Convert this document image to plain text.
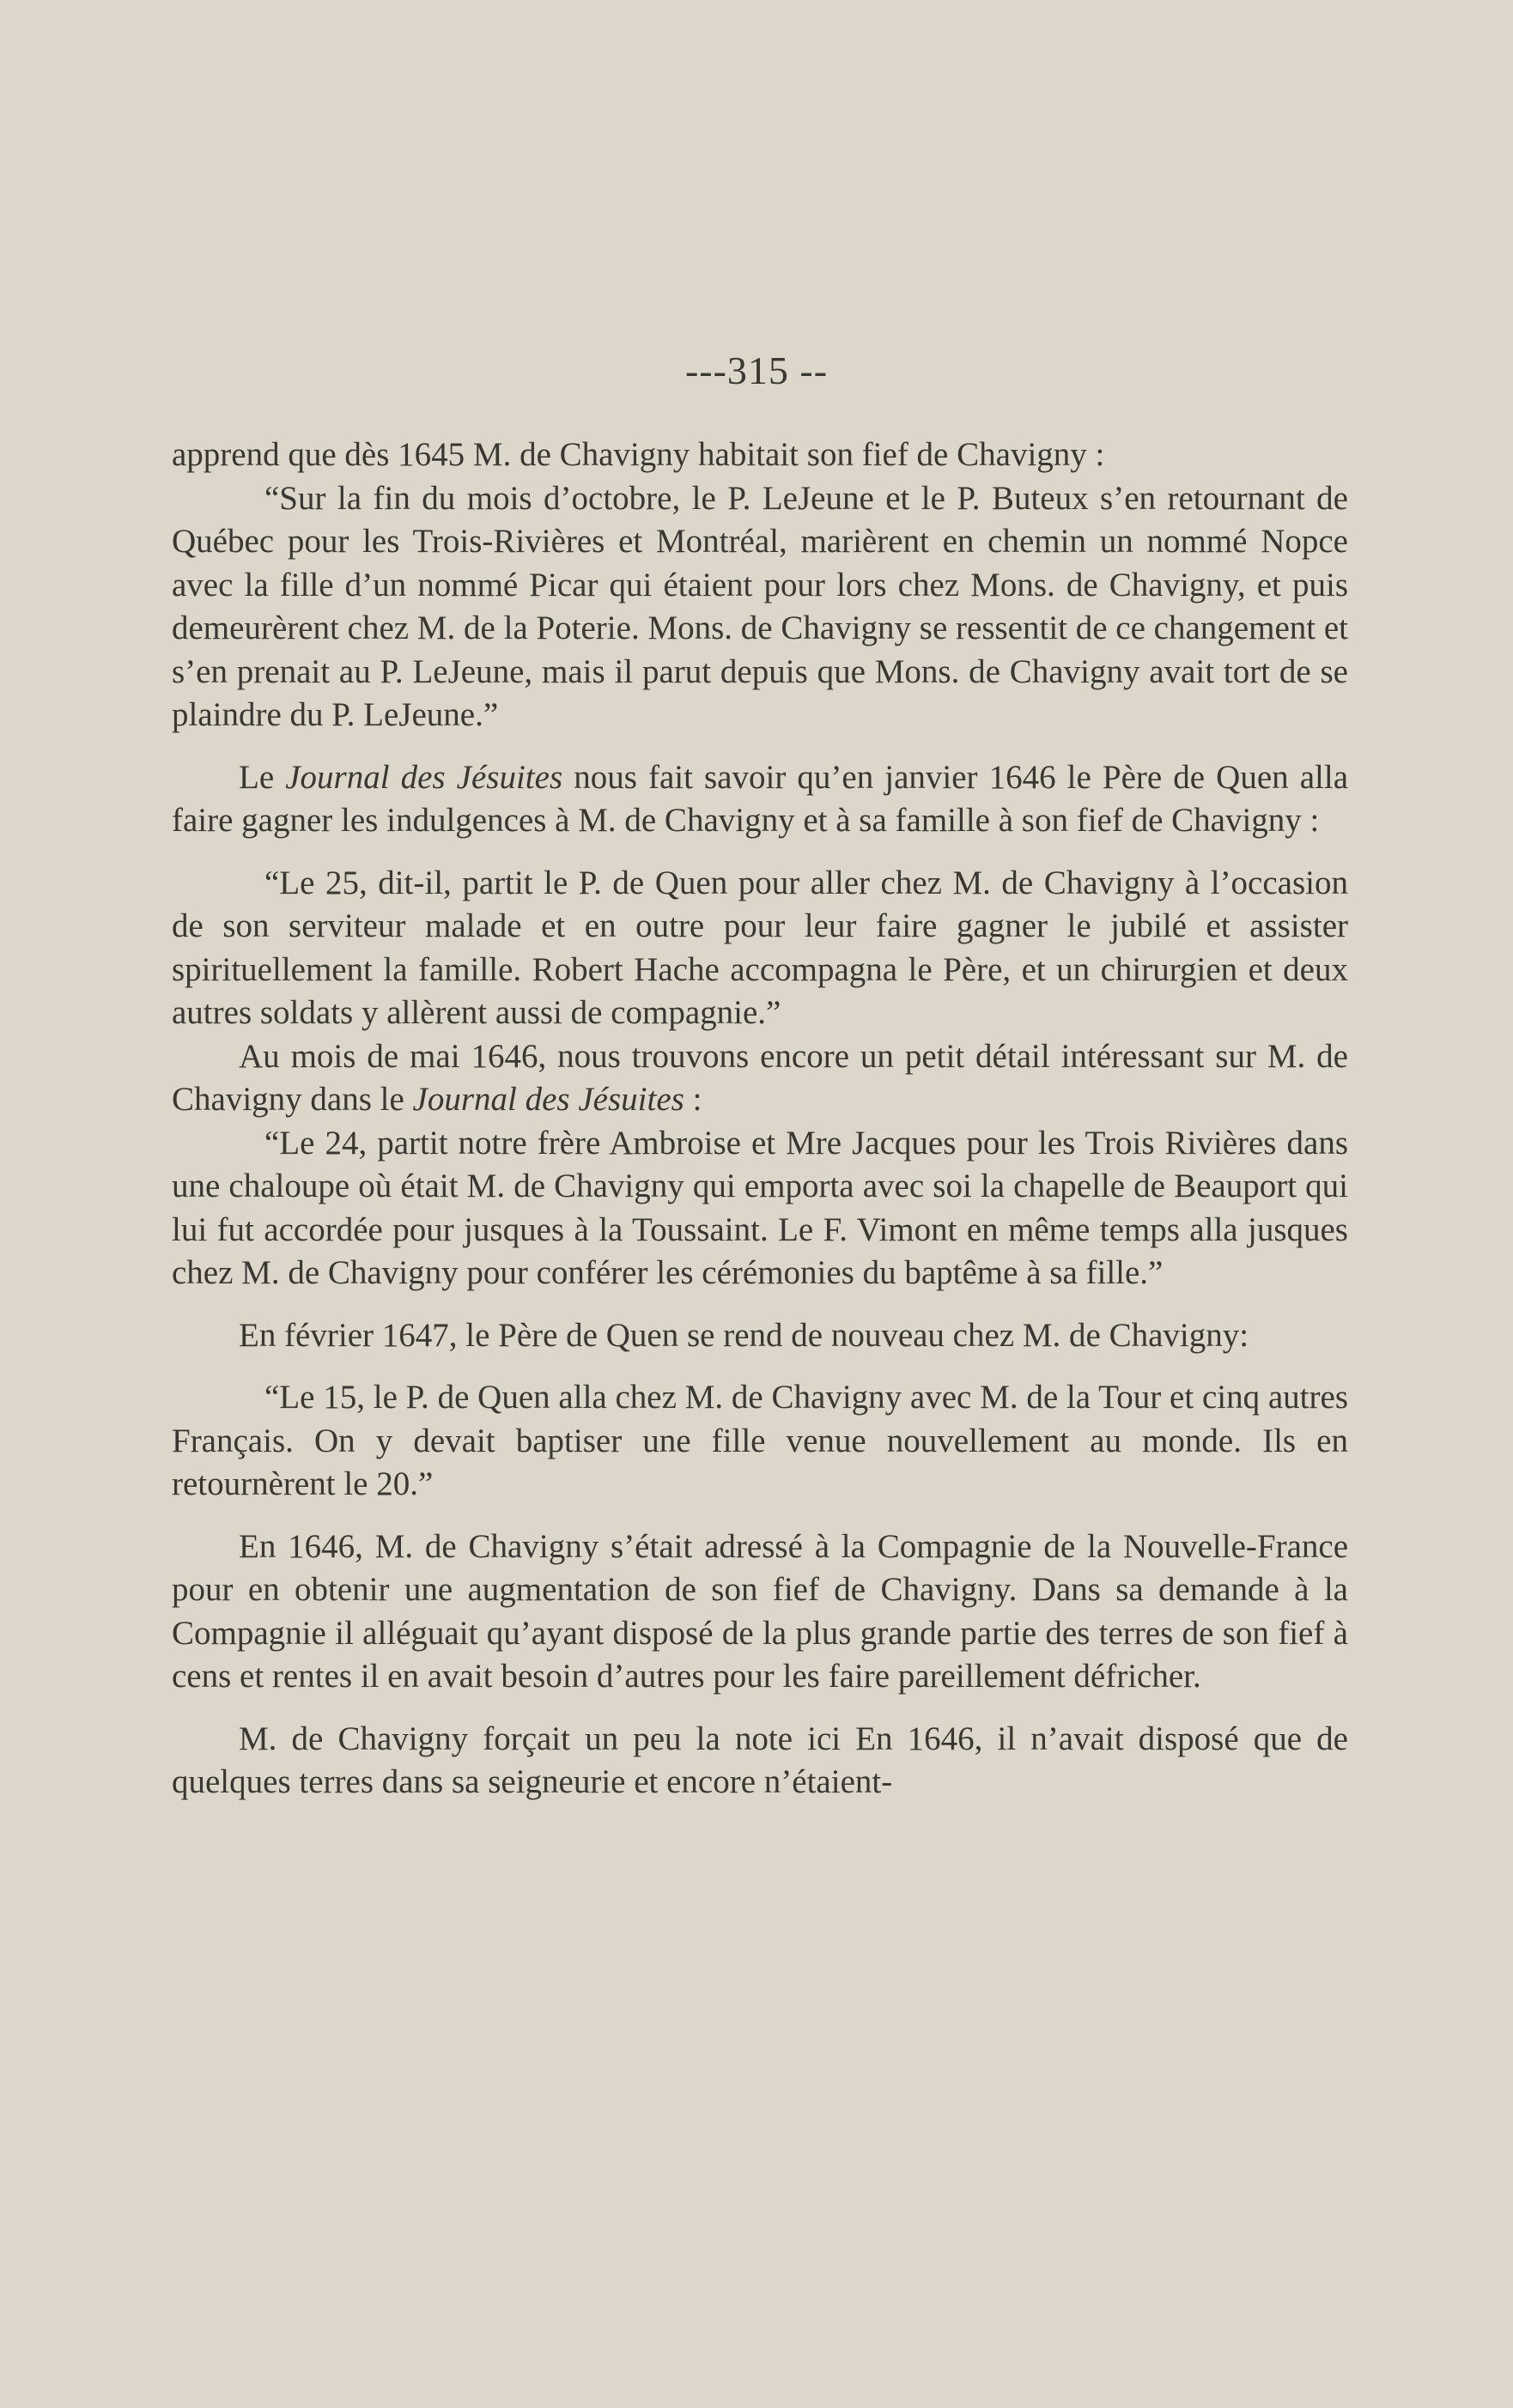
---315 --

apprend que dès 1645 M. de Chavigny habitait son fief de Chavigny :

“Sur la fin du mois d’octobre, le P. LeJeune et le P. Buteux s’en retournant de Québec pour les Trois-Rivières et Montréal, marièrent en chemin un nommé Nopce avec la fille d’un nommé Picar qui étaient pour lors chez Mons. de Chavigny, et puis demeurèrent chez M. de la Poterie. Mons. de Chavigny se ressentit de ce changement et s’en prenait au P. LeJeune, mais il parut depuis que Mons. de Chavigny avait tort de se plaindre du P. LeJeune.”

Le Journal des Jésuites nous fait savoir qu’en janvier 1646 le Père de Quen alla faire gagner les indulgences à M. de Chavigny et à sa famille à son fief de Chavigny :

“Le 25, dit-il, partit le P. de Quen pour aller chez M. de Chavigny à l’occasion de son serviteur malade et en outre pour leur faire gagner le jubilé et assister spirituellement la famille. Robert Hache accompagna le Père, et un chirurgien et deux autres soldats y allèrent aussi de compagnie.”

Au mois de mai 1646, nous trouvons encore un petit détail intéressant sur M. de Chavigny dans le Journal des Jésuites :

“Le 24, partit notre frère Ambroise et Mre Jacques pour les Trois Rivières dans une chaloupe où était M. de Chavigny qui emporta avec soi la chapelle de Beauport qui lui fut accordée pour jusques à la Toussaint. Le F. Vimont en même temps alla jusques chez M. de Chavigny pour conférer les cérémonies du baptême à sa fille.”

En février 1647, le Père de Quen se rend de nouveau chez M. de Chavigny:

“Le 15, le P. de Quen alla chez M. de Chavigny avec M. de la Tour et cinq autres Français. On y devait baptiser une fille venue nouvellement au monde. Ils en retournèrent le 20.”

En 1646, M. de Chavigny s’était adressé à la Compagnie de la Nouvelle-France pour en obtenir une augmentation de son fief de Chavigny. Dans sa demande à la Compagnie il alléguait qu’ayant disposé de la plus grande partie des terres de son fief à cens et rentes il en avait besoin d’autres pour les faire pareillement défricher.

M. de Chavigny forçait un peu la note ici En 1646, il n’avait disposé que de quelques terres dans sa seigneurie et encore n’étaient-
